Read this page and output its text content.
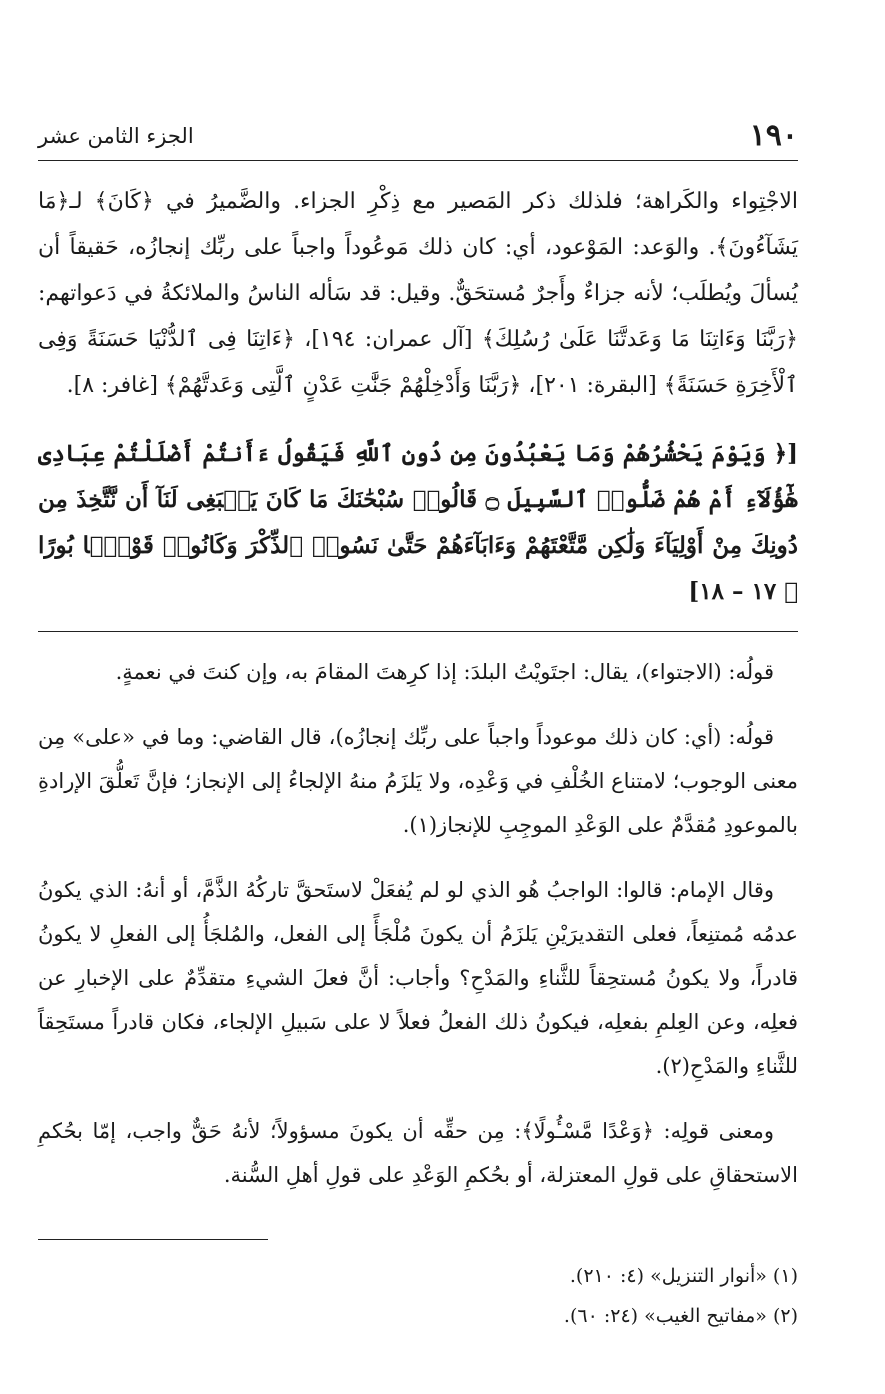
١٩٠
الجزء الثامن عشر
الاجْتِواء والكَراهة؛ فلذلك ذكر المَصير مع ذِكْرِ الجزاء. والضَّميرُ في ﴿كَانَ﴾ لـ﴿مَا يَشَآءُونَ﴾. والوَعد: المَوْعود، أي: كان ذلك مَوعُوداً واجباً على ربِّك إنجازُه، حَقيقاً أن يُسألَ ويُطلَب؛ لأنه جزاءٌ وأَجرٌ مُستحَقٌّ. وقيل: قد سَأله الناسُ والملائكةُ في دَعواتهم: ﴿رَبَّنَا وَءَاتِنَا مَا وَعَدتَّنَا عَلَىٰ رُسُلِكَ﴾ [آل عمران: ١٩٤]، ﴿ءَاتِنَا فِى ٱلدُّنْيَا حَسَنَةً وَفِى ٱلْأَخِرَةِ حَسَنَةً﴾ [البقرة: ٢٠١]، ﴿رَبَّنَا وَأَدْخِلْهُمْ جَنَّٰتِ عَدْنٍ ٱلَّتِى وَعَدتَّهُمْ﴾ [غافر: ٨].
[﴿ وَيَوْمَ يَحْشُرُهُمْ وَمَا يَعْبُدُونَ مِن دُونِ ٱللَّهِ فَيَقُولُ ءَأَنتُمْ أَضْلَلْتُمْ عِبَادِى هَٰٓؤُلَآءِ أَمْ هُمْ ضَلُّوا۟ ٱلسَّبِيلَ ۝ قَالُوا۟ سُبْحَٰنَكَ مَا كَانَ يَنۢبَغِى لَنَآ أَن نَّتَّخِذَ مِن دُونِكَ مِنْ أَوْلِيَآءَ وَلَٰكِن مَّتَّعْتَهُمْ وَءَابَآءَهُمْ حَتَّىٰ نَسُوا۟ ٱلذِّكْرَ وَكَانُوا۟ قَوْمًۢا بُورًا ﴾ ١٧ – ١٨]

قولُه: (الاجتواء)، يقال: اجتَويْتُ البلدَ: إذا كرِهتَ المقامَ به، وإن كنتَ في نعمةٍ.

قولُه: (أي: كان ذلك موعوداً واجباً على ربِّك إنجازُه)، قال القاضي: وما في «على» مِن معنى الوجوب؛ لامتناع الخُلْفِ في وَعْدِه، ولا يَلزَمُ منهُ الإلجاءُ إلى الإنجاز؛ فإنَّ تَعلُّقَ الإرادةِ بالموعودِ مُقدَّمٌ على الوَعْدِ الموجِبِ للإنجاز(١).

وقال الإمام: قالوا: الواجبُ هُو الذي لو لم يُفعَلْ لاستَحقَّ تاركُهُ الذَّمَّ، أو أنهُ: الذي يكونُ عدمُه مُمتنِعاً، فعلى التقديرَيْنِ يَلزَمُ أن يكونَ مُلْجَأً إلى الفعل، والمُلجَأُ إلى الفعلِ لا يكونُ قادراً، ولا يكونُ مُستحِقاً للثَّناءِ والمَدْحِ؟ وأجاب: أنَّ فعلَ الشيءِ متقدِّمٌ على الإخبارِ عن فعلِه، وعن العِلمِ بفعلِه، فيكونُ ذلك الفعلُ فعلاً لا على سَبيلِ الإلجاء، فكان قادراً مستَحِقاً للثَّناءِ والمَدْحِ(٢).

ومعنى قولِه: ﴿وَعْدًا مَّسْـُٔولًا﴾: مِن حقِّه أن يكونَ مسؤولاً؛ لأنهُ حَقٌّ واجب، إمّا بحُكمِ الاستحقاقِ على قولِ المعتزلة، أو بحُكمِ الوَعْدِ على قولِ أهلِ السُّنة.

(١) «أنوار التنزيل» (٤: ٢١٠).
(٢) «مفاتيح الغيب» (٢٤: ٦٠).
